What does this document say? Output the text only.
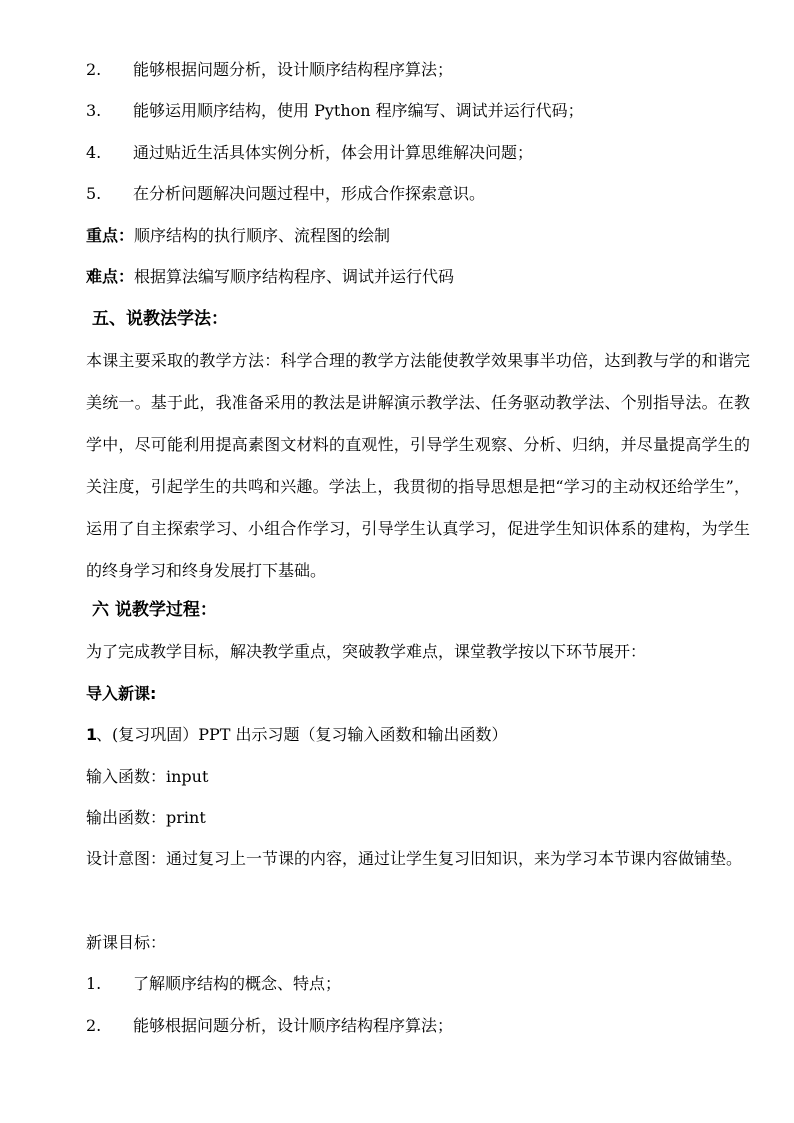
2. 能够根据问题分析，设计顺序结构程序算法；
3. 能够运用顺序结构，使用 Python 程序编写、调试并运行代码；
4. 通过贴近生活具体实例分析，体会用计算思维解决问题；
5. 在分析问题解决问题过程中，形成合作探索意识。
重点： 顺序结构的执行顺序、流程图的绘制
难点： 根据算法编写顺序结构程序、调试并运行代码
五、说教法学法：
本课主要采取的教学方法：科学合理的教学方法能使教学效果事半功倍，达到教与学的和谐完美统一。基于此，我准备采用的教法是讲解演示教学法、任务驱动教学法、个别指导法。在教学中，尽可能利用提高素图文材料的直观性，引导学生观察、分析、归纳，并尽量提高学生的关注度，引起学生的共鸣和兴趣。学法上，我贯彻的指导思想是把“学习的主动权还给学生”，运用了自主探索学习、小组合作学习，引导学生认真学习，促进学生知识体系的建构，为学生的终身学习和终身发展打下基础。
六 说教学过程：
为了完成教学目标，解决教学重点，突破教学难点，课堂教学按以下环节展开：
导入新课:
1
、(复习巩固）PPT 出示习题（复习输入函数和输出函数）
输入函数：input
输出函数：print
设计意图：通过复习上一节课的内容，通过让学生复习旧知识，来为学习本节课内容做铺垫。
新课目标：
1. 了解顺序结构的概念、特点；
2. 能够根据问题分析，设计顺序结构程序算法；
